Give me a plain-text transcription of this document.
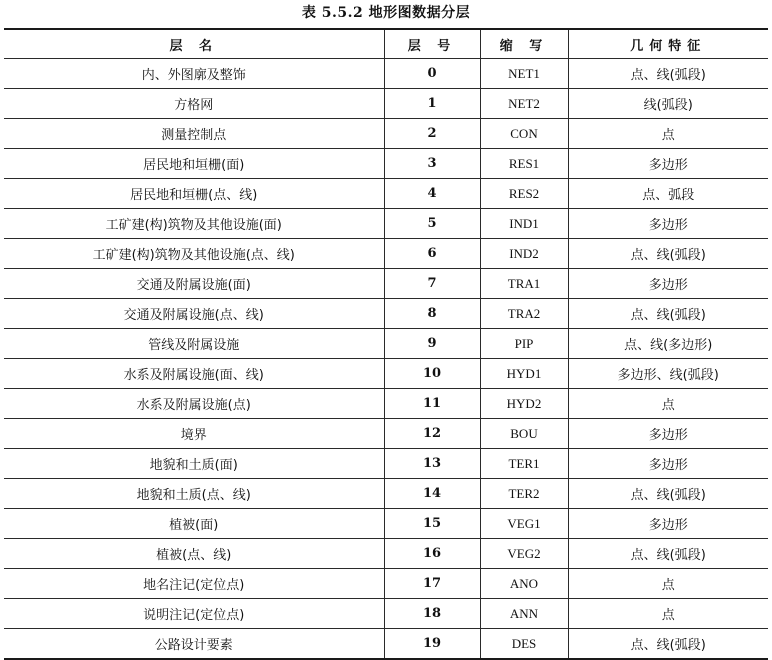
表 5.5.2 地形图数据分层
层 名	层 号	缩 写	几何特征
内、外图廓及整饰	0	NET1	点、线(弧段)
方格网	1	NET2	线(弧段)
测量控制点	2	CON	点
居民地和垣栅(面)	3	RES1	多边形
居民地和垣栅(点、线)	4	RES2	点、弧段
工矿建(构)筑物及其他设施(面)	5	IND1	多边形
工矿建(构)筑物及其他设施(点、线)	6	IND2	点、线(弧段)
交通及附属设施(面)	7	TRA1	多边形
交通及附属设施(点、线)	8	TRA2	点、线(弧段)
管线及附属设施	9	PIP	点、线(多边形)
水系及附属设施(面、线)	10	HYD1	多边形、线(弧段)
水系及附属设施(点)	11	HYD2	点
境界	12	BOU	多边形
地貌和土质(面)	13	TER1	多边形
地貌和土质(点、线)	14	TER2	点、线(弧段)
植被(面)	15	VEG1	多边形
植被(点、线)	16	VEG2	点、线(弧段)
地名注记(定位点)	17	ANO	点
说明注记(定位点)	18	ANN	点
公路设计要素	19	DES	点、线(弧段)
